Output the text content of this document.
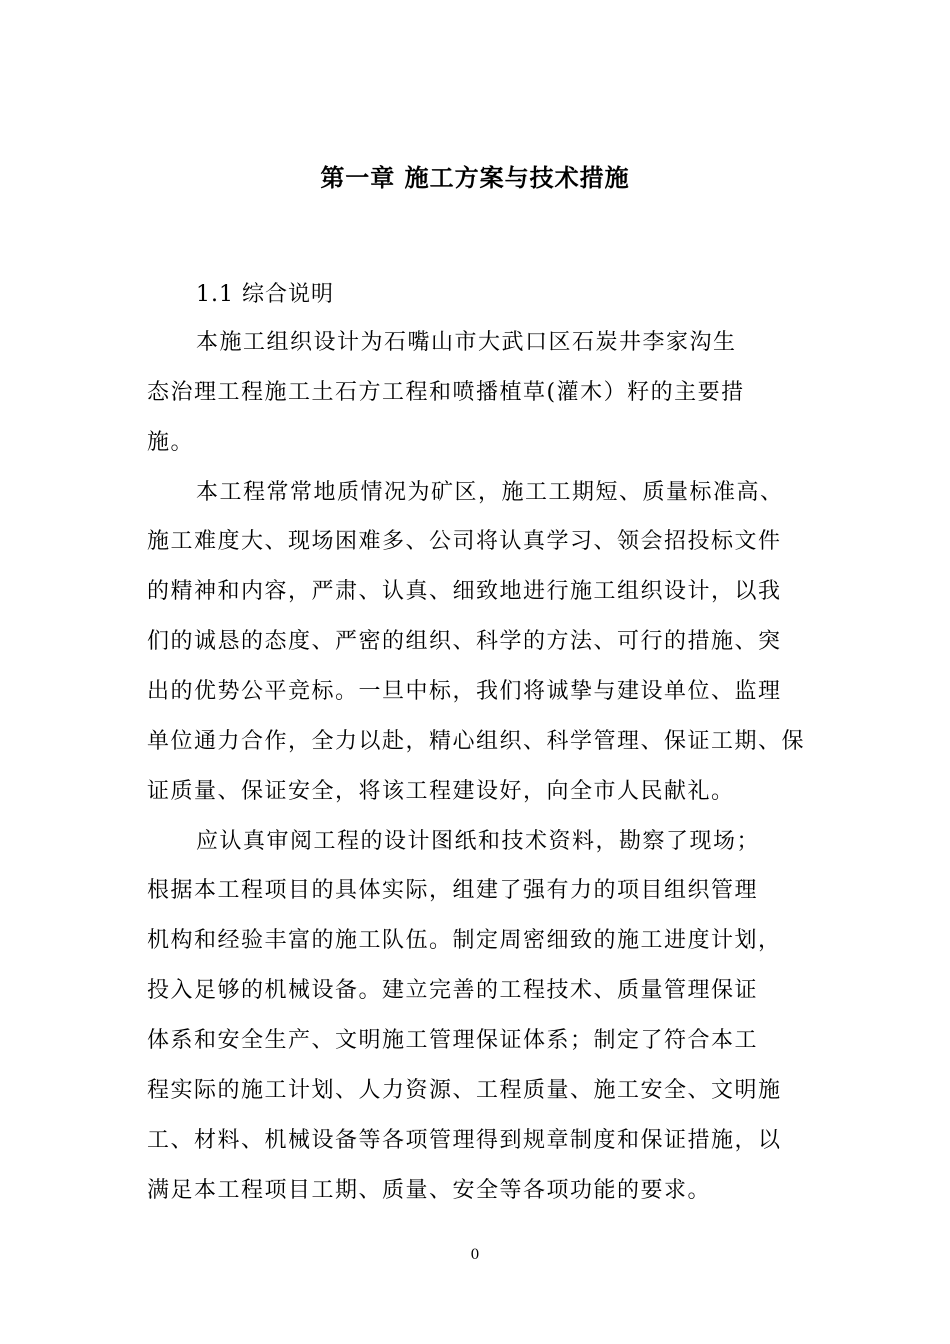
第一章 施工方案与技术措施
1.1 综合说明
本施工组织设计为石嘴山市大武口区石炭井李家沟生
态治理工程施工土石方工程和喷播植草(灌木）籽的主要措
施。
本工程常常地质情况为矿区，施工工期短、质量标准高、
施工难度大、现场困难多、公司将认真学习、领会招投标文件
的精神和内容，严肃、认真、细致地进行施工组织设计，以我
们的诚恳的态度、严密的组织、科学的方法、可行的措施、突
出的优势公平竞标。一旦中标，我们将诚挚与建设单位、监理
单位通力合作，全力以赴，精心组织、科学管理、保证工期、保
证质量、保证安全，将该工程建设好，向全市人民献礼。
应认真审阅工程的设计图纸和技术资料，勘察了现场；
根据本工程项目的具体实际，组建了强有力的项目组织管理
机构和经验丰富的施工队伍。制定周密细致的施工进度计划，
投入足够的机械设备。建立完善的工程技术、质量管理保证
体系和安全生产、文明施工管理保证体系；制定了符合本工
程实际的施工计划、人力资源、工程质量、施工安全、文明施
工、材料、机械设备等各项管理得到规章制度和保证措施，以
满足本工程项目工期、质量、安全等各项功能的要求。
0
